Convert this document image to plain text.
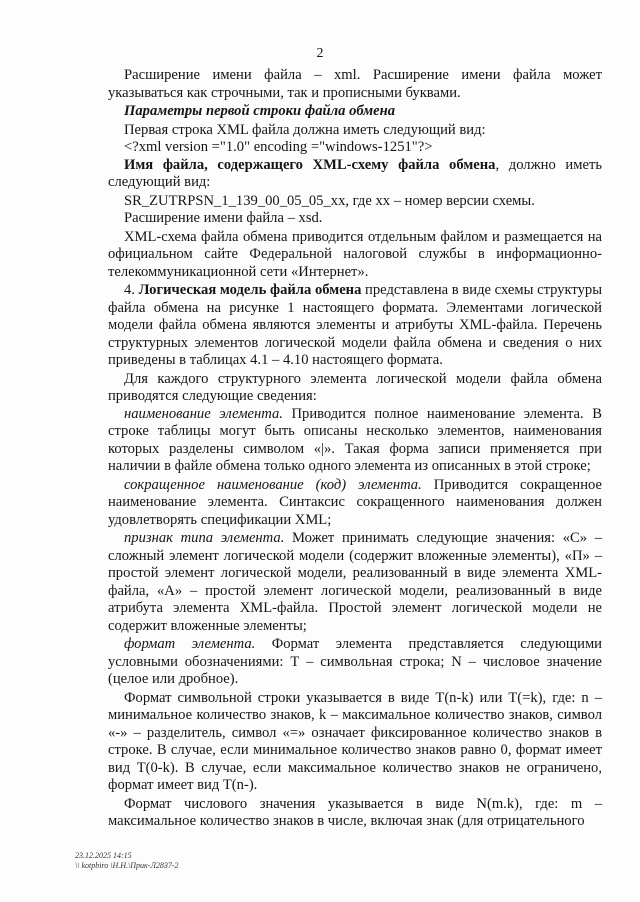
2

Расширение имени файла – xml. Расширение имени файла может указываться как строчными, так и прописными буквами.

Параметры первой строки файла обмена

Первая строка XML файла должна иметь следующий вид:

<?xml version ="1.0" encoding ="windows-1251"?>

Имя файла, содержащего XML-схему файла обмена, должно иметь следующий вид:

SR_ZUTRPSN_1_139_00_05_05_xx, где хх – номер версии схемы.

Расширение имени файла – xsd.

XML-схема файла обмена приводится отдельным файлом и размещается на официальном сайте Федеральной налоговой службы в информационно-телекоммуникационной сети «Интернет».

4. Логическая модель файла обмена представлена в виде схемы структуры файла обмена на рисунке 1 настоящего формата. Элементами логической модели файла обмена являются элементы и атрибуты XML-файла. Перечень структурных элементов логической модели файла обмена и сведения о них приведены в таблицах 4.1 – 4.10 настоящего формата.

Для каждого структурного элемента логической модели файла обмена приводятся следующие сведения:

наименование элемента. Приводится полное наименование элемента. В строке таблицы могут быть описаны несколько элементов, наименования которых разделены символом «|». Такая форма записи применяется при наличии в файле обмена только одного элемента из описанных в этой строке;

сокращенное наименование (код) элемента. Приводится сокращенное наименование элемента. Синтаксис сокращенного наименования должен удовлетворять спецификации XML;

признак типа элемента. Может принимать следующие значения: «С» – сложный элемент логической модели (содержит вложенные элементы), «П» – простой элемент логической модели, реализованный в виде элемента XML-файла, «А» – простой элемент логической модели, реализованный в виде атрибута элемента XML-файла. Простой элемент логической модели не содержит вложенные элементы;

формат элемента. Формат элемента представляется следующими условными обозначениями: Т – символьная строка; N – числовое значение (целое или дробное).

Формат символьной строки указывается в виде Т(n-k) или Т(=k), где: n – минимальное количество знаков, k – максимальное количество знаков, символ «-» – разделитель, символ «=» означает фиксированное количество знаков в строке. В случае, если минимальное количество знаков равно 0, формат имеет вид Т(0-k). В случае, если максимальное количество знаков не ограничено, формат имеет вид Т(n-).

Формат числового значения указывается в виде N(m.k), где: m – максимальное количество знаков в числе, включая знак (для отрицательного

23.12.2025 14:15
\\ kotpbiro \Н.Н.\Прик-Л2837-2
